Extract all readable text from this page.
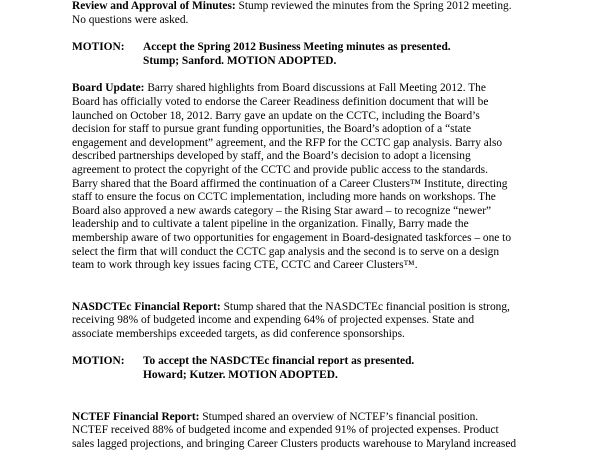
Review and Approval of Minutes: Stump reviewed the minutes from the Spring 2012 meeting.
No questions were asked.

MOTION: Accept the Spring 2012 Business Meeting minutes as presented.
Stump; Sanford. MOTION ADOPTED.

Board Update: Barry shared highlights from Board discussions at Fall Meeting 2012. The
Board has officially voted to endorse the Career Readiness definition document that will be
launched on October 18, 2012. Barry gave an update on the CCTC, including the Board’s
decision for staff to pursue grant funding opportunities, the Board’s adoption of a “state
engagement and development” agreement, and the RFP for the CCTC gap analysis. Barry also
described partnerships developed by staff, and the Board’s decision to adopt a licensing
agreement to protect the copyright of the CCTC and provide public access to the standards.
Barry shared that the Board affirmed the continuation of a Career Clusters™ Institute, directing
staff to ensure the focus on CCTC implementation, including more hands on workshops. The
Board also approved a new awards category – the Rising Star award – to recognize “newer”
leadership and to cultivate a talent pipeline in the organization. Finally, Barry made the
membership aware of two opportunities for engagement in Board-designated taskforces – one to
select the firm that will conduct the CCTC gap analysis and the second is to serve on a design
team to work through key issues facing CTE, CCTC and Career Clusters™.

NASDCTEc Financial Report: Stump shared that the NASDCTEc financial position is strong,
receiving 98% of budgeted income and expending 64% of projected expenses. State and
associate memberships exceeded targets, as did conference sponsorships.

MOTION: To accept the NASDCTEc financial report as presented.
Howard; Kutzer. MOTION ADOPTED.

NCTEF Financial Report: Stumped shared an overview of NCTEF’s financial position.
NCTEF received 88% of budgeted income and expended 91% of projected expenses. Product
sales lagged projections, and bringing Career Clusters products warehouse to Maryland increased
